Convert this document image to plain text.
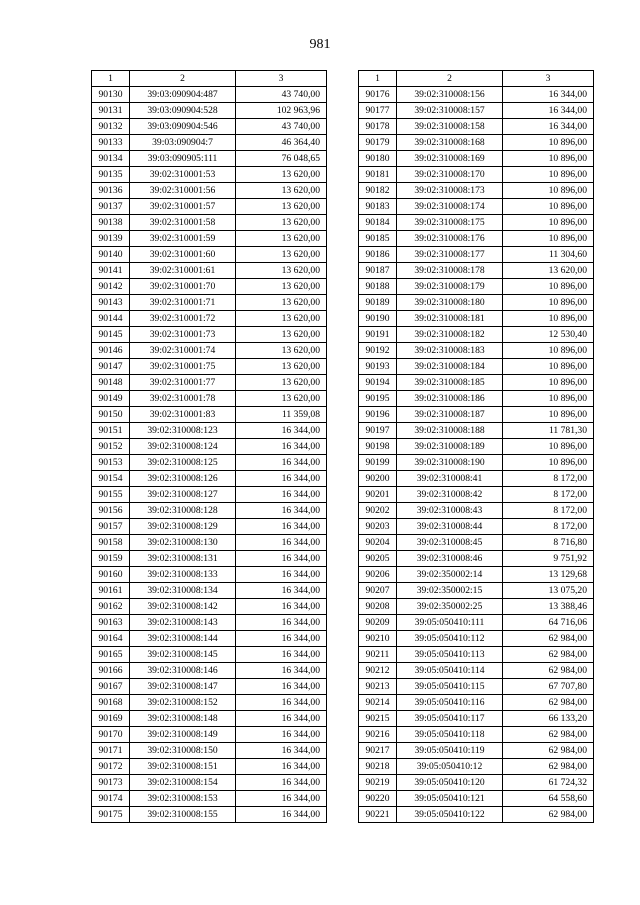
981
1	2	3
90130	39:03:090904:487	43 740,00
90131	39:03:090904:528	102 963,96
90132	39:03:090904:546	43 740,00
90133	39:03:090904:7	46 364,40
90134	39:03:090905:111	76 048,65
90135	39:02:310001:53	13 620,00
90136	39:02:310001:56	13 620,00
90137	39:02:310001:57	13 620,00
90138	39:02:310001:58	13 620,00
90139	39:02:310001:59	13 620,00
90140	39:02:310001:60	13 620,00
90141	39:02:310001:61	13 620,00
90142	39:02:310001:70	13 620,00
90143	39:02:310001:71	13 620,00
90144	39:02:310001:72	13 620,00
90145	39:02:310001:73	13 620,00
90146	39:02:310001:74	13 620,00
90147	39:02:310001:75	13 620,00
90148	39:02:310001:77	13 620,00
90149	39:02:310001:78	13 620,00
90150	39:02:310001:83	11 359,08
90151	39:02:310008:123	16 344,00
90152	39:02:310008:124	16 344,00
90153	39:02:310008:125	16 344,00
90154	39:02:310008:126	16 344,00
90155	39:02:310008:127	16 344,00
90156	39:02:310008:128	16 344,00
90157	39:02:310008:129	16 344,00
90158	39:02:310008:130	16 344,00
90159	39:02:310008:131	16 344,00
90160	39:02:310008:133	16 344,00
90161	39:02:310008:134	16 344,00
90162	39:02:310008:142	16 344,00
90163	39:02:310008:143	16 344,00
90164	39:02:310008:144	16 344,00
90165	39:02:310008:145	16 344,00
90166	39:02:310008:146	16 344,00
90167	39:02:310008:147	16 344,00
90168	39:02:310008:152	16 344,00
90169	39:02:310008:148	16 344,00
90170	39:02:310008:149	16 344,00
90171	39:02:310008:150	16 344,00
90172	39:02:310008:151	16 344,00
90173	39:02:310008:154	16 344,00
90174	39:02:310008:153	16 344,00
90175	39:02:310008:155	16 344,00
1	2	3
90176	39:02:310008:156	16 344,00
90177	39:02:310008:157	16 344,00
90178	39:02:310008:158	16 344,00
90179	39:02:310008:168	10 896,00
90180	39:02:310008:169	10 896,00
90181	39:02:310008:170	10 896,00
90182	39:02:310008:173	10 896,00
90183	39:02:310008:174	10 896,00
90184	39:02:310008:175	10 896,00
90185	39:02:310008:176	10 896,00
90186	39:02:310008:177	11 304,60
90187	39:02:310008:178	13 620,00
90188	39:02:310008:179	10 896,00
90189	39:02:310008:180	10 896,00
90190	39:02:310008:181	10 896,00
90191	39:02:310008:182	12 530,40
90192	39:02:310008:183	10 896,00
90193	39:02:310008:184	10 896,00
90194	39:02:310008:185	10 896,00
90195	39:02:310008:186	10 896,00
90196	39:02:310008:187	10 896,00
90197	39:02:310008:188	11 781,30
90198	39:02:310008:189	10 896,00
90199	39:02:310008:190	10 896,00
90200	39:02:310008:41	8 172,00
90201	39:02:310008:42	8 172,00
90202	39:02:310008:43	8 172,00
90203	39:02:310008:44	8 172,00
90204	39:02:310008:45	8 716,80
90205	39:02:310008:46	9 751,92
90206	39:02:350002:14	13 129,68
90207	39:02:350002:15	13 075,20
90208	39:02:350002:25	13 388,46
90209	39:05:050410:111	64 716,06
90210	39:05:050410:112	62 984,00
90211	39:05:050410:113	62 984,00
90212	39:05:050410:114	62 984,00
90213	39:05:050410:115	67 707,80
90214	39:05:050410:116	62 984,00
90215	39:05:050410:117	66 133,20
90216	39:05:050410:118	62 984,00
90217	39:05:050410:119	62 984,00
90218	39:05:050410:12	62 984,00
90219	39:05:050410:120	61 724,32
90220	39:05:050410:121	64 558,60
90221	39:05:050410:122	62 984,00
